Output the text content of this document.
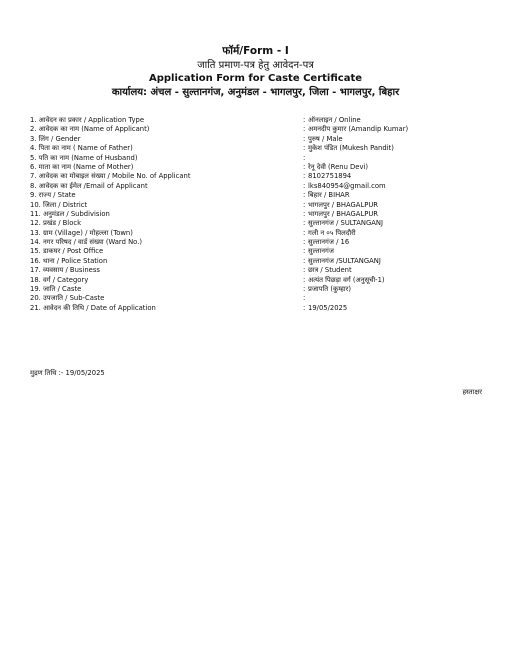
फॉर्म/Form - I
जाति प्रमाण-पत्र हेतु आवेदन-पत्र
Application Form for Caste Certificate
कार्यालय: अंचल - सुल्तानगंज, अनुमंडल - भागलपुर, जिला - भागलपुर, बिहार
1. आवेदन का प्रकार / Application Type	: ऑनलाइन / Online
2. आवेदक का नाम (Name of Applicant)	: अमनदीप कुमार (Amandip Kumar)
3. लिंग / Gender	: पुरुष / Male
4. पिता का नाम ( Name of Father)	: मुकेश पंडित (Mukesh Pandit)
5. पति का नाम (Name of Husband)	:
6. माता का नाम (Name of Mother)	: रेनू देवी (Renu Devi)
7. आवेदक का मोबाइल संख्या / Mobile No. of Applicant	: 8102751894
8. आवेदक का ईमेल /Email of Applicant	: lks840954@gmail.com
9. राज्य / State	: बिहार / BIHAR
10. जिला / District	: भागलपुर / BHAGALPUR
11. अनुमंडल / Subdivision	: भागलपुर / BHAGALPUR
12. प्रखंड / Block	: सुल्तानगंज / SULTANGANJ
13. ग्राम (Village) / मोहल्ला (Town)	: गली न ०५ पिलदौरी
14. नगर परिषद / वार्ड संख्या (Ward No.)	: सुल्तानगंज / 16
15. डाकघर / Post Office	: सुल्तानगंज
16. थाना / Police Station	: सुल्तानगंज /SULTANGANJ
17. व्यवसाय / Business	: छात्र / Student
18. वर्ग / Category	: अत्यंत पिछड़ा वर्ग (अनुसूची-1)
19. जाति / Caste	: प्रजापति (कुम्हार)
20. उपजाति / Sub-Caste	:
21. आवेदन की तिथि / Date of Application	: 19/05/2025
मुद्रण तिथि :- 19/05/2025
हस्ताक्षर
